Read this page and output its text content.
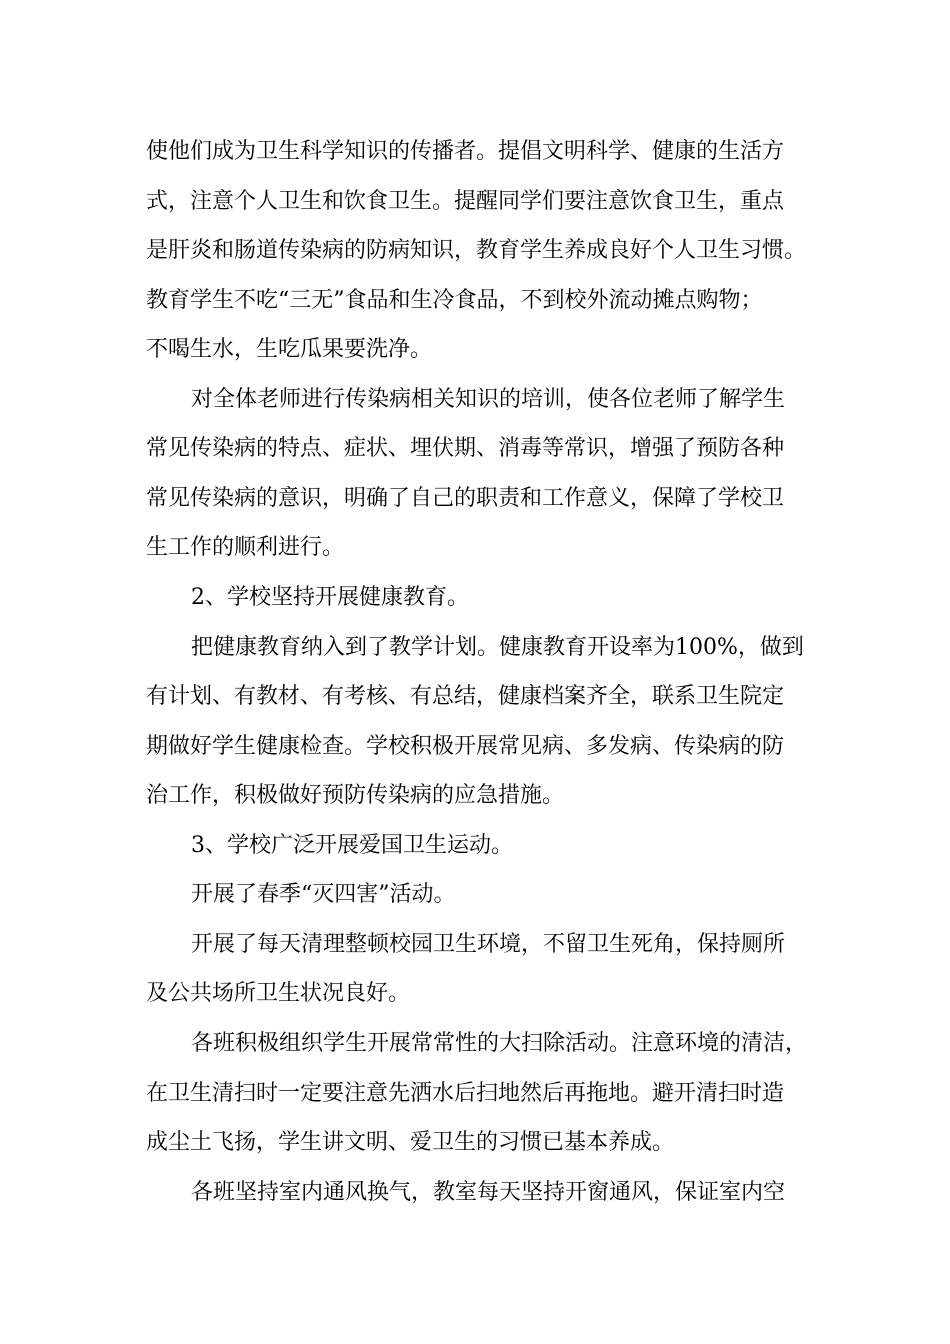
使他们成为卫生科学知识的传播者。提倡文明科学、健康的生活方
式，注意个人卫生和饮食卫生。提醒同学们要注意饮食卫生，重点
是肝炎和肠道传染病的防病知识，教育学生养成良好个人卫生习惯。
教育学生不吃“三无”食品和生冷食品，不到校外流动摊点购物；
不喝生水，生吃瓜果要洗净。
对全体老师进行传染病相关知识的培训，使各位老师了解学生
常见传染病的特点、症状、埋伏期、消毒等常识，增强了预防各种
常见传染病的意识，明确了自己的职责和工作意义，保障了学校卫
生工作的顺利进行。
2、学校坚持开展健康教育。
把健康教育纳入到了教学计划。健康教育开设率为100%，做到
有计划、有教材、有考核、有总结，健康档案齐全，联系卫生院定
期做好学生健康检查。学校积极开展常见病、多发病、传染病的防
治工作，积极做好预防传染病的应急措施。
3、学校广泛开展爱国卫生运动。
开展了春季“灭四害”活动。
开展了每天清理整顿校园卫生环境，不留卫生死角，保持厕所
及公共场所卫生状况良好。
各班积极组织学生开展常常性的大扫除活动。注意环境的清洁，
在卫生清扫时一定要注意先洒水后扫地然后再拖地。避开清扫时造
成尘土飞扬，学生讲文明、爱卫生的习惯已基本养成。
各班坚持室内通风换气，教室每天坚持开窗通风，保证室内空
